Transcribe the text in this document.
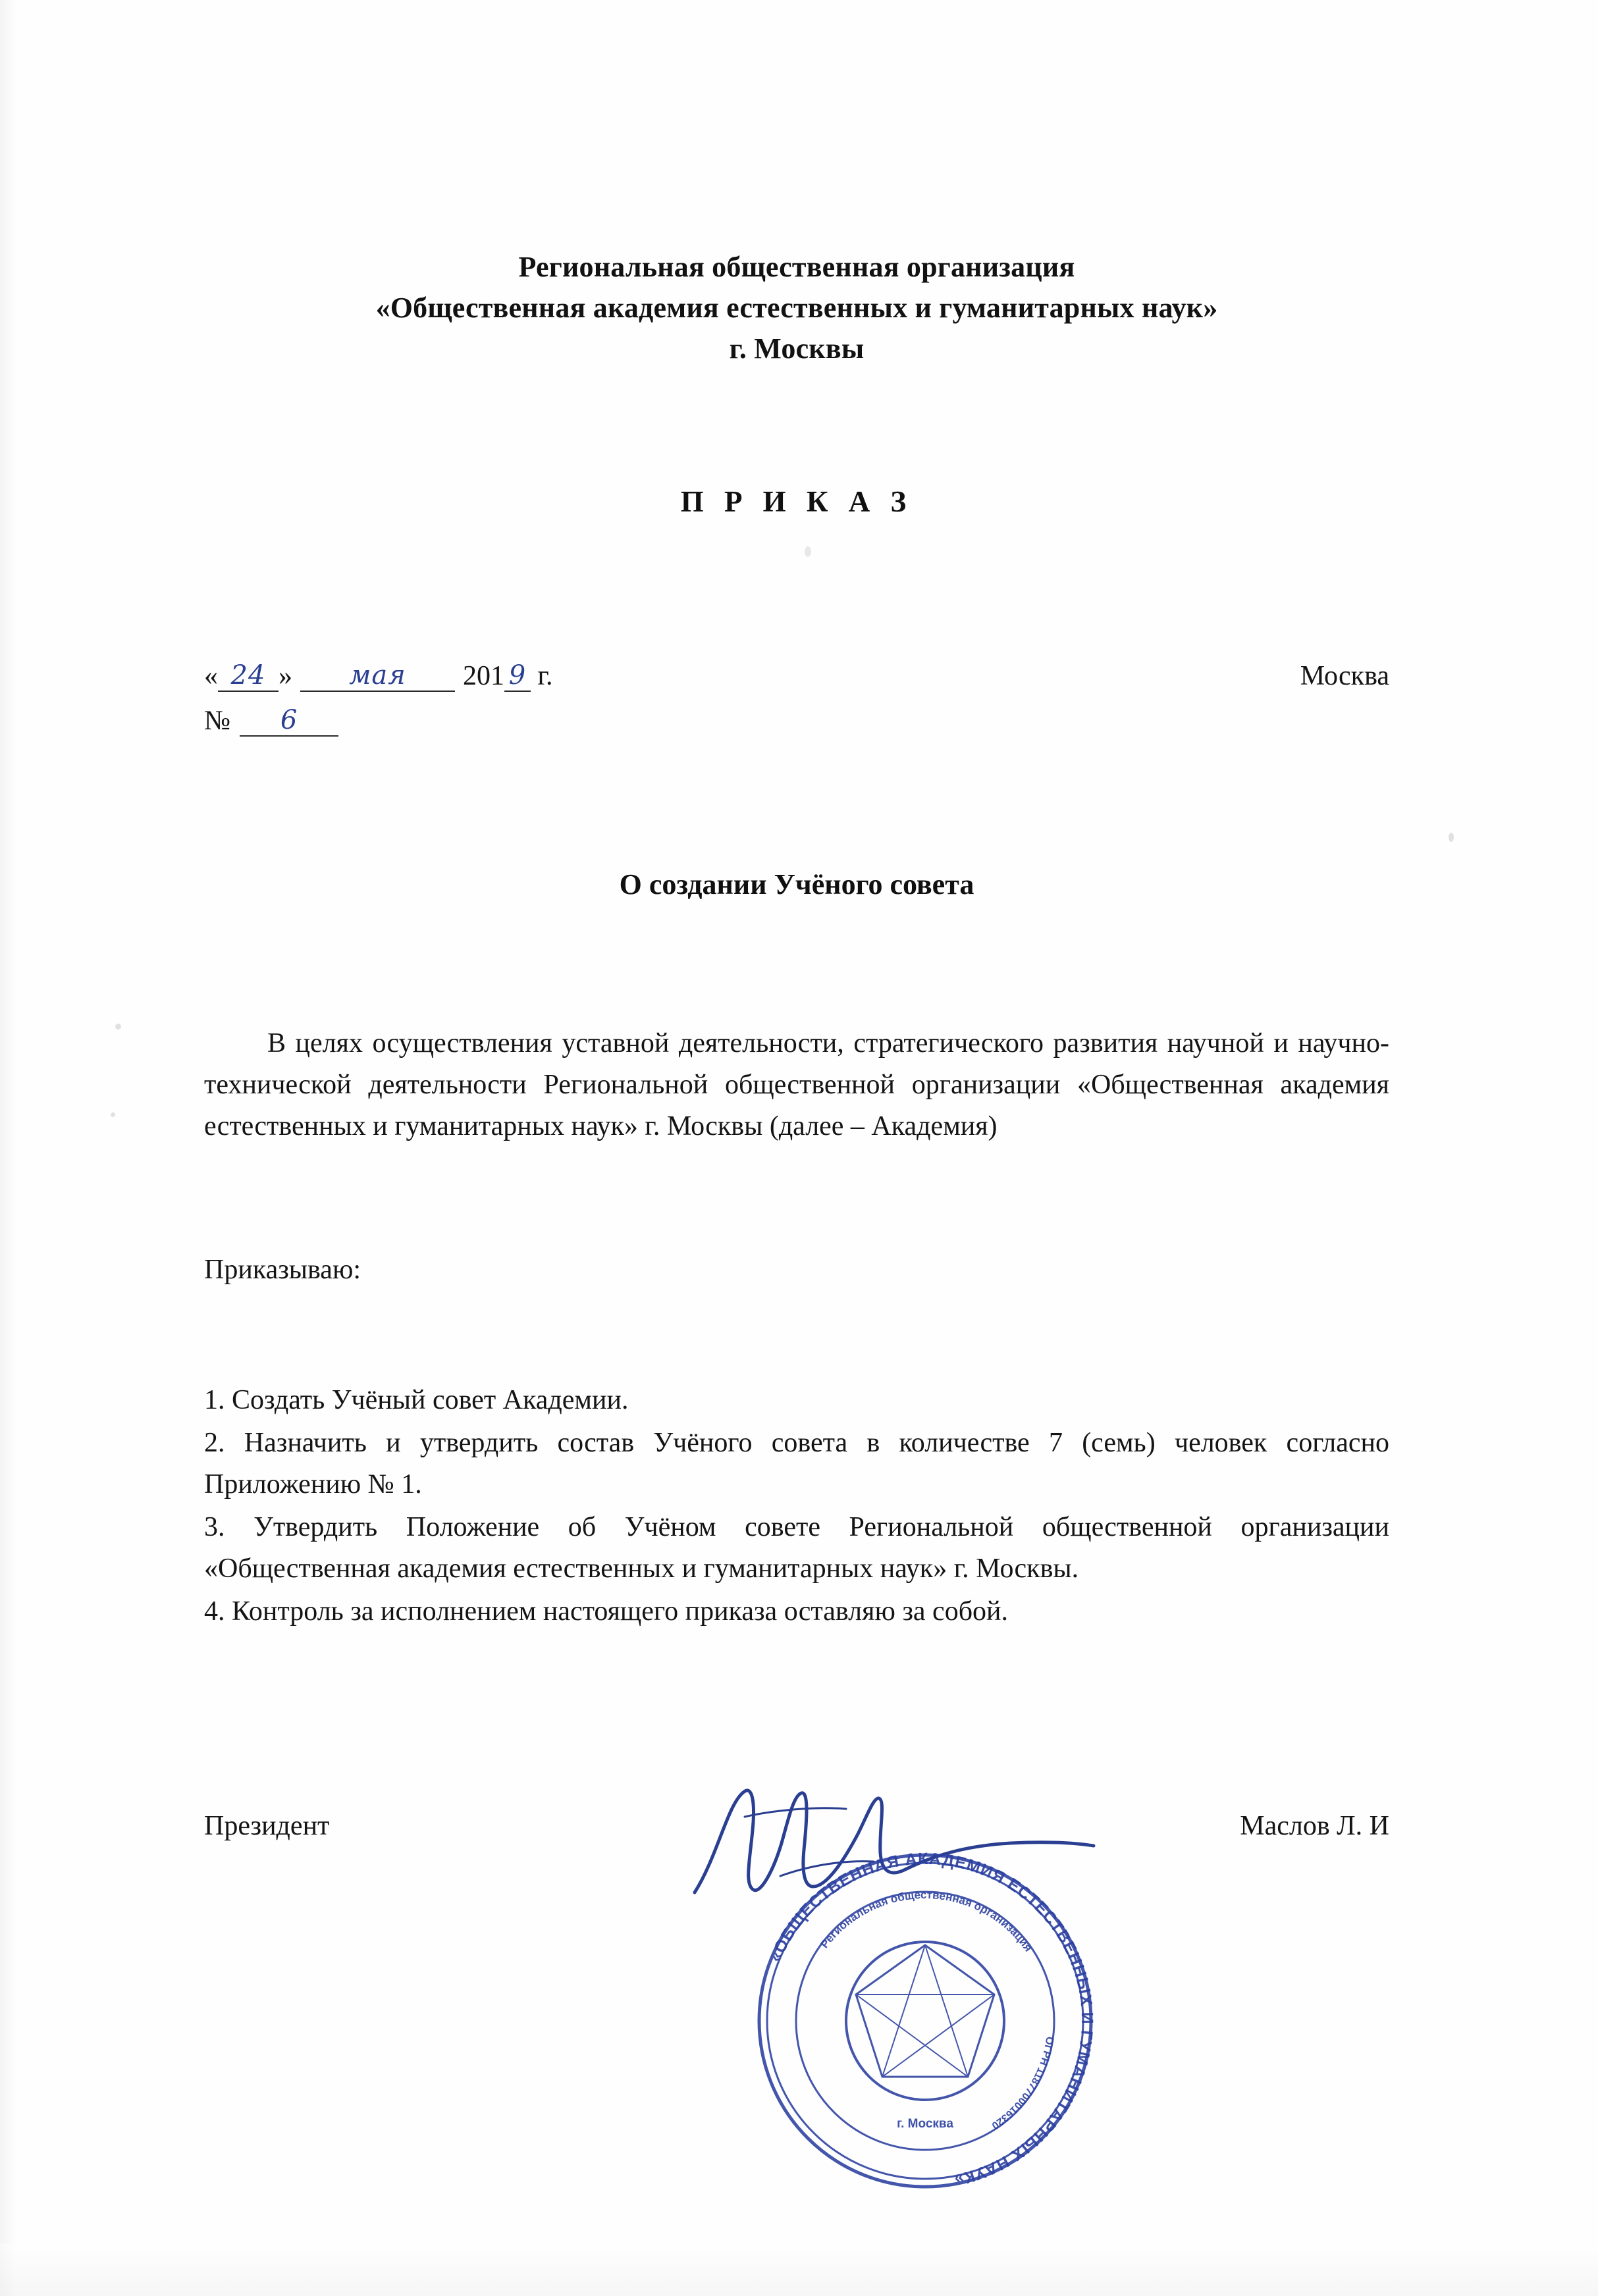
Региональная общественная организация
«Общественная академия естественных и гуманитарных наук»
г. Москвы
П Р И К А З
« 24 » мая 201 9 г.
№ 6
Москва
О создании Учёного совета
В целях осуществления уставной деятельности, стратегического развития научной и научно-технической деятельности Региональной общественной организации «Общественная академия естественных и гуманитарных наук» г. Москвы (далее – Академия)
Приказываю:
1. Создать Учёный совет Академии.
2. Назначить и утвердить состав Учёного совета в количестве 7 (семь) человек согласно Приложению № 1.
3. Утвердить Положение об Учёном совете Региональной общественной организации «Общественная академия естественных и гуманитарных наук» г. Москвы.
4. Контроль за исполнением настоящего приказа оставляю за собой.
Президент	Маслов Л. И
«ОБЩЕСТВЕННАЯ АКАДЕМИЯ ЕСТЕСТВЕННЫХ И ГУМАНИТАРНЫХ НАУК»
Региональная общественная организация
ОГРН 1187700016320
г. Москва
